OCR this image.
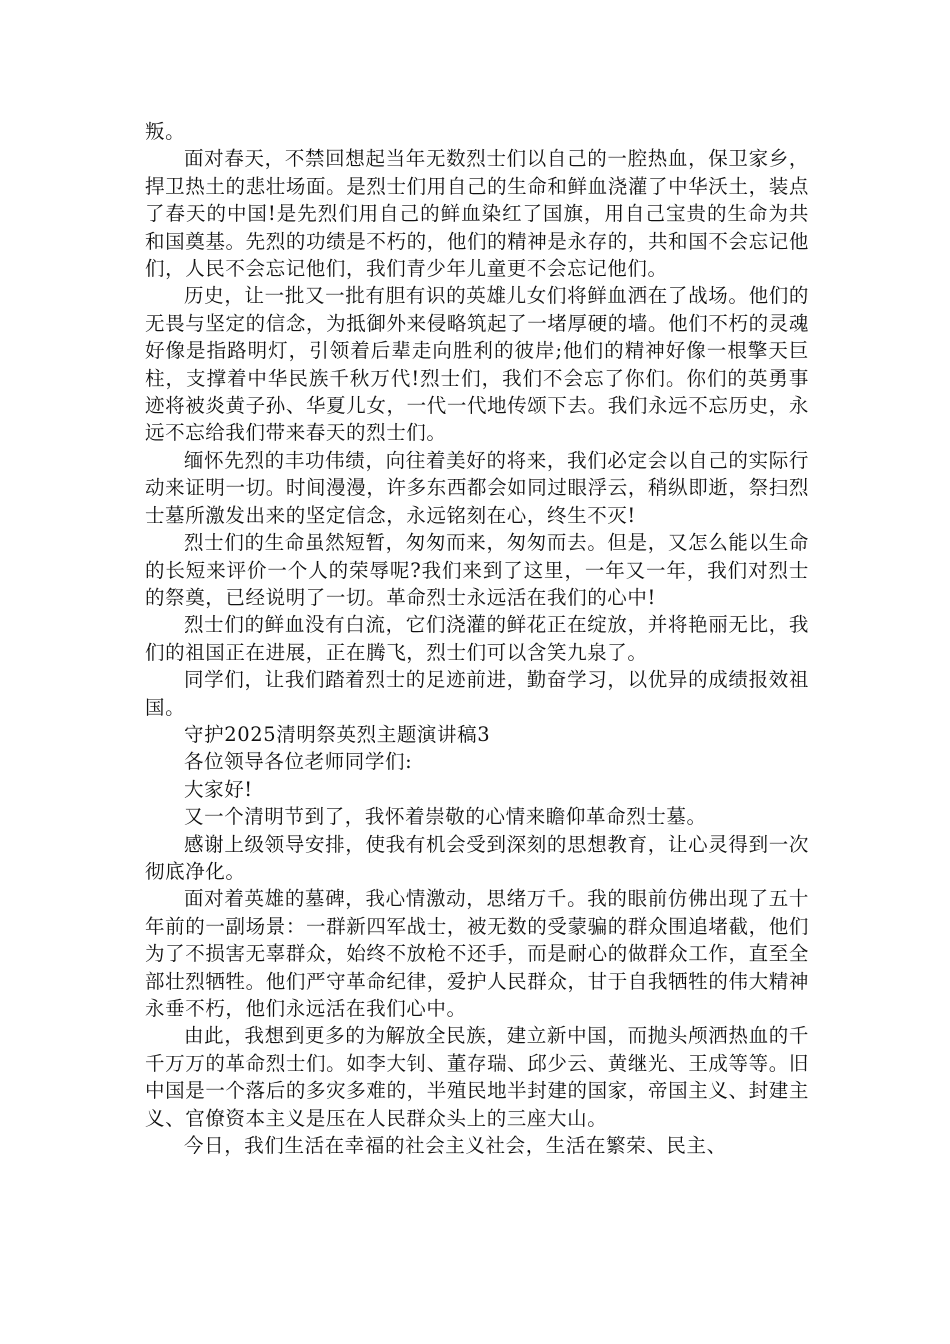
叛。

面对春天，不禁回想起当年无数烈士们以自己的一腔热血，保卫家乡，捍卫热土的悲壮场面。是烈士们用自己的生命和鲜血浇灌了中华沃土，装点了春天的中国!是先烈们用自己的鲜血染红了国旗，用自己宝贵的生命为共和国奠基。先烈的功绩是不朽的，他们的精神是永存的，共和国不会忘记他们，人民不会忘记他们，我们青少年儿童更不会忘记他们。

历史，让一批又一批有胆有识的英雄儿女们将鲜血洒在了战场。他们的无畏与坚定的信念，为抵御外来侵略筑起了一堵厚硬的墙。他们不朽的灵魂好像是指路明灯，引领着后辈走向胜利的彼岸;他们的精神好像一根擎天巨柱，支撑着中华民族千秋万代!烈士们，我们不会忘了你们。你们的英勇事迹将被炎黄子孙、华夏儿女，一代一代地传颂下去。我们永远不忘历史，永远不忘给我们带来春天的烈士们。

缅怀先烈的丰功伟绩，向往着美好的将来，我们必定会以自己的实际行动来证明一切。时间漫漫，许多东西都会如同过眼浮云，稍纵即逝，祭扫烈士墓所激发出来的坚定信念，永远铭刻在心，终生不灭!

烈士们的生命虽然短暂，匆匆而来，匆匆而去。但是，又怎么能以生命的长短来评价一个人的荣辱呢?我们来到了这里，一年又一年，我们对烈士的祭奠，已经说明了一切。革命烈士永远活在我们的心中!

烈士们的鲜血没有白流，它们浇灌的鲜花正在绽放，并将艳丽无比，我们的祖国正在进展，正在腾飞，烈士们可以含笑九泉了。

同学们，让我们踏着烈士的足迹前进，勤奋学习，以优异的成绩报效祖国。

守护2025清明祭英烈主题演讲稿3

各位领导各位老师同学们:

大家好!

又一个清明节到了，我怀着崇敬的心情来瞻仰革命烈士墓。

感谢上级领导安排，使我有机会受到深刻的思想教育，让心灵得到一次彻底净化。

面对着英雄的墓碑，我心情激动，思绪万千。我的眼前仿佛出现了五十年前的一副场景：一群新四军战士，被无数的受蒙骗的群众围追堵截，他们为了不损害无辜群众，始终不放枪不还手，而是耐心的做群众工作，直至全部壮烈牺牲。他们严守革命纪律，爱护人民群众，甘于自我牺牲的伟大精神永垂不朽，他们永远活在我们心中。

由此，我想到更多的为解放全民族，建立新中国，而抛头颅洒热血的千千万万的革命烈士们。如李大钊、董存瑞、邱少云、黄继光、王成等等。旧中国是一个落后的多灾多难的，半殖民地半封建的国家，帝国主义、封建主义、官僚资本主义是压在人民群众头上的三座大山。

今日，我们生活在幸福的社会主义社会，生活在繁荣、民主、
